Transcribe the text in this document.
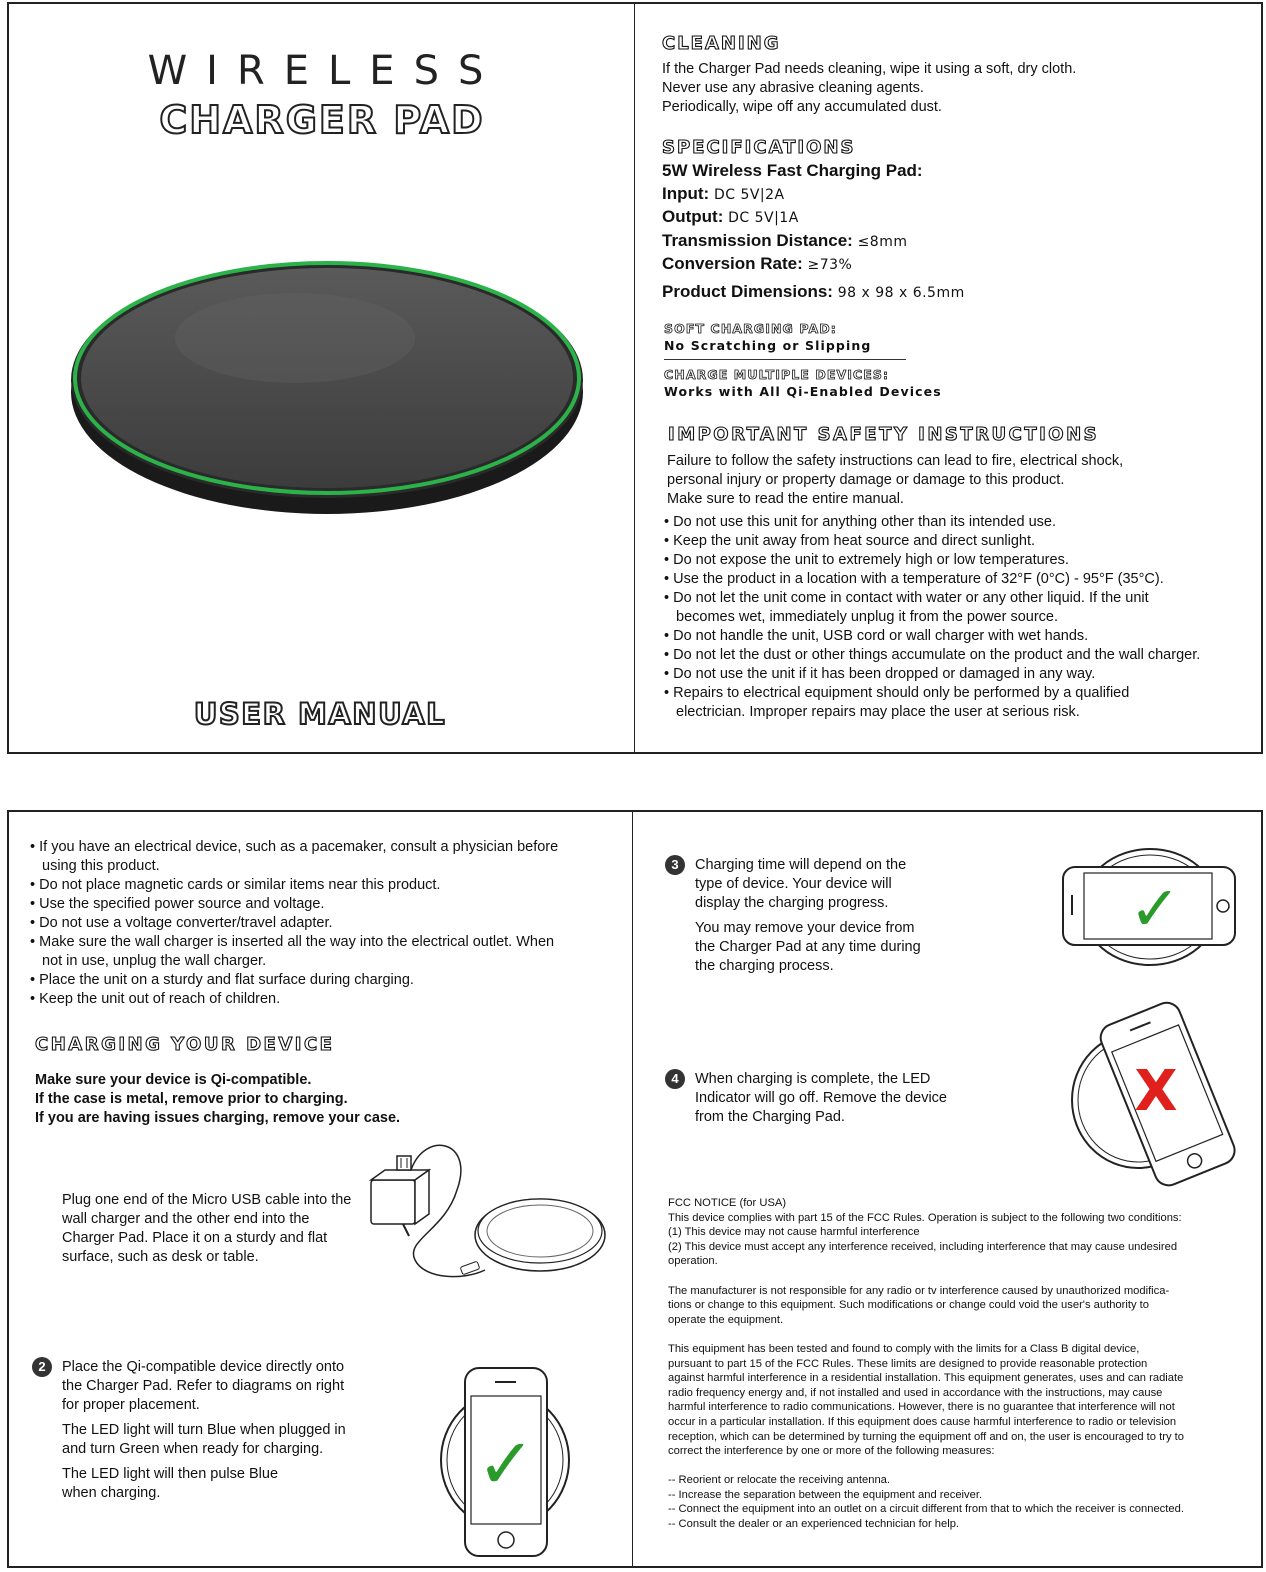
WIRELESS
CHARGER PAD
USER MANUAL
CLEANING
If the Charger Pad needs cleaning, wipe it using a soft, dry cloth.
Never use any abrasive cleaning agents.
Periodically, wipe off any accumulated dust.
SPECIFICATIONS
5W Wireless Fast Charging Pad:
Input: DC 5V|2A
Output: DC 5V|1A
Transmission Distance: ≤8mm
Conversion Rate: ≥73%
Product Dimensions: 98 x 98 x 6.5mm
SOFT CHARGING PAD:
No Scratching or Slipping
CHARGE MULTIPLE DEVICES:
Works with All Qi-Enabled Devices
IMPORTANT SAFETY INSTRUCTIONS
Failure to follow the safety instructions can lead to fire, electrical shock,
personal injury or property damage or damage to this product.
Make sure to read the entire manual.
• Do not use this unit for anything other than its intended use.
• Keep the unit away from heat source and direct sunlight.
• Do not expose the unit to extremely high or low temperatures.
• Use the product in a location with a temperature of 32°F (0°C) - 95°F (35°C).
• Do not let the unit come in contact with water or any other liquid. If the unit becomes wet, immediately unplug it from the power source.
• Do not handle the unit, USB cord or wall charger with wet hands.
• Do not let the dust or other things accumulate on the product and the wall charger.
• Do not use the unit if it has been dropped or damaged in any way.
• Repairs to electrical equipment should only be performed by a qualified electrician. Improper repairs may place the user at serious risk.
• If you have an electrical device, such as a pacemaker, consult a physician before using this product.
• Do not place magnetic cards or similar items near this product.
• Use the specified power source and voltage.
• Do not use a voltage converter/travel adapter.
• Make sure the wall charger is inserted all the way into the electrical outlet. When not in use, unplug the wall charger.
• Place the unit on a sturdy and flat surface during charging.
• Keep the unit out of reach of children.
CHARGING YOUR DEVICE
Make sure your device is Qi-compatible.
If the case is metal, remove prior to charging.
If you are having issues charging, remove your case.
Plug one end of the Micro USB cable into the wall charger and the other end into the Charger Pad. Place it on a sturdy and flat surface, such as desk or table.
2	Place the Qi-compatible device directly onto the Charger Pad. Refer to diagrams on right for proper placement.

The LED light will turn Blue when plugged in and turn Green when ready for charging.

The LED light will then pulse Blue when charging.	✓
3	Charging time will depend on the type of device. Your device will display the charging progress.

You may remove your device from the Charger Pad at any time during the charging process.

✓
4	When charging is complete, the LED Indicator will go off. Remove the device from the Charging Pad.	X
FCC NOTICE (for USA)
This device complies with part 15 of the FCC Rules. Operation is subject to the following two conditions:
(1) This device may not cause harmful interference
(2) This device must accept any interference received, including interference that may cause undesired
operation.

The manufacturer is not responsible for any radio or tv interference caused by unauthorized modifica-
tions or change to this equipment. Such modifications or change could void the user's authority to
operate the equipment.

This equipment has been tested and found to comply with the limits for a Class B digital device,
pursuant to part 15 of the FCC Rules. These limits are designed to provide reasonable protection
against harmful interference in a residential installation. This equipment generates, uses and can radiate
radio frequency energy and, if not installed and used in accordance with the instructions, may cause
harmful interference to radio communications. However, there is no guarantee that interference will not
occur in a particular installation. If this equipment does cause harmful interference to radio or television
reception, which can be determined by turning the equipment off and on, the user is encouraged to try to
correct the interference by one or more of the following measures:

-- Reorient or relocate the receiving antenna.
-- Increase the separation between the equipment and receiver.
-- Connect the equipment into an outlet on a circuit different from that to which the receiver is connected.
-- Consult the dealer or an experienced technician for help.
